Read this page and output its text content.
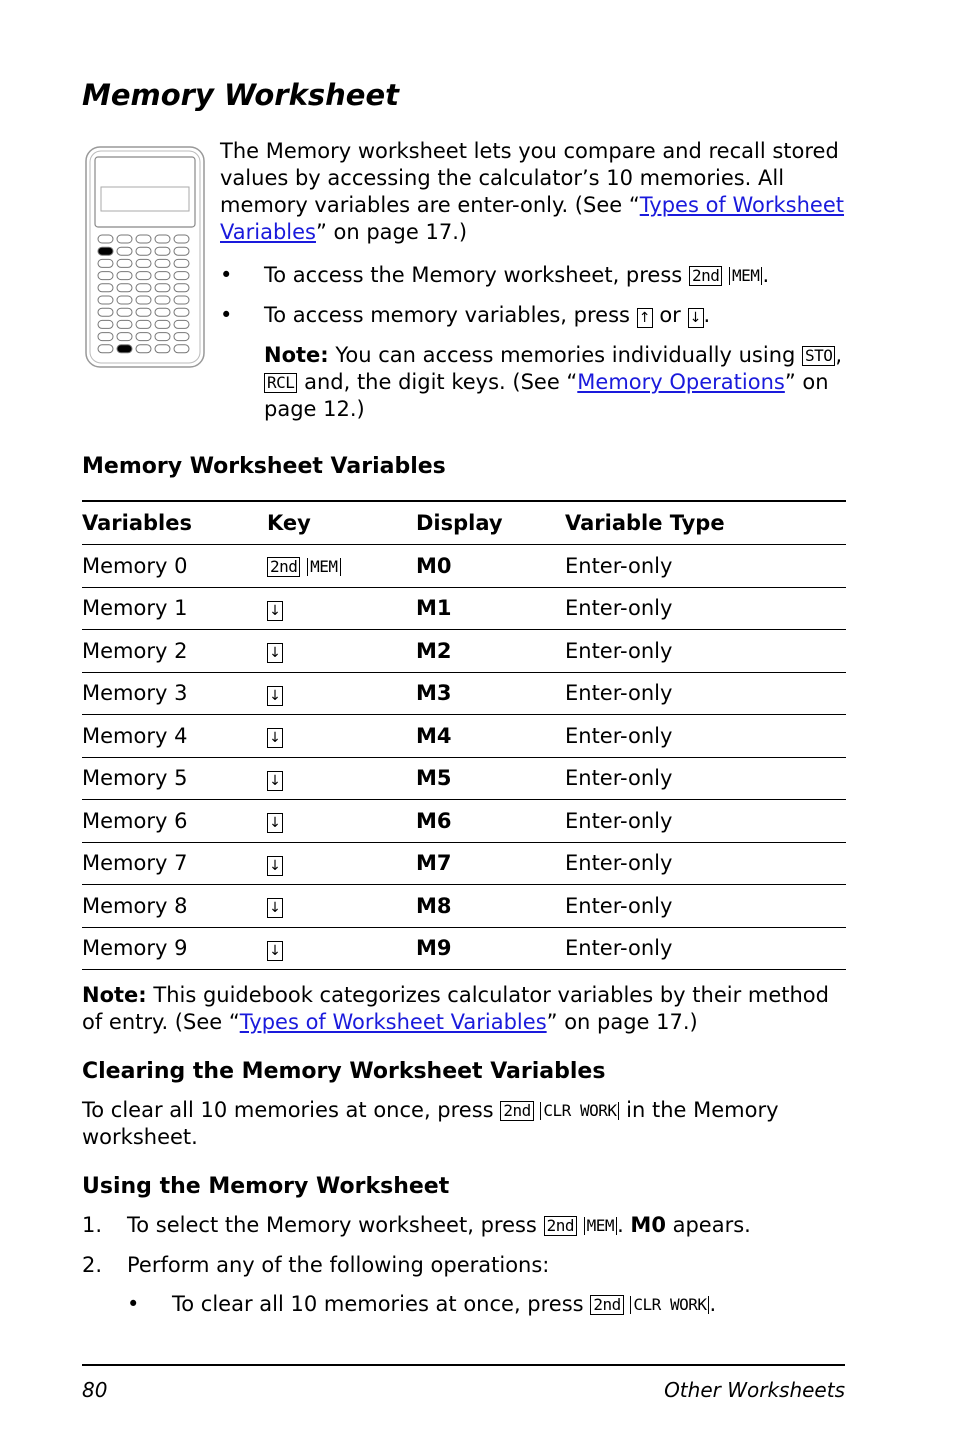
Memory Worksheet
The Memory worksheet lets you compare and recall stored values by accessing the calculator’s 10 memories. All memory variables are enter-only. (See “Types of Worksheet Variables” on page 17.)
• To access the Memory worksheet, press 2nd MEM .
• To access memory variables, press ↑ or ↓ .
Note: You can access memories individually using STO , RCL and, the digit keys. (See “Memory Operations” on page 12.)
Memory Worksheet Variables
Variables	Key	Display	Variable Type
Memory 0	2nd MEM	M0	Enter-only
Memory 1	↓	M1	Enter-only
Memory 2	↓	M2	Enter-only
Memory 3	↓	M3	Enter-only
Memory 4	↓	M4	Enter-only
Memory 5	↓	M5	Enter-only
Memory 6	↓	M6	Enter-only
Memory 7	↓	M7	Enter-only
Memory 8	↓	M8	Enter-only
Memory 9	↓	M9	Enter-only
Note: This guidebook categorizes calculator variables by their method of entry. (See “Types of Worksheet Variables” on page 17.)
Clearing the Memory Worksheet Variables
To clear all 10 memories at once, press 2nd CLR WORK in the Memory worksheet.
Using the Memory Worksheet
1. To select the Memory worksheet, press 2nd MEM . M0 apears.
2. Perform any of the following operations:
• To clear all 10 memories at once, press 2nd CLR WORK .
80	Other Worksheets
